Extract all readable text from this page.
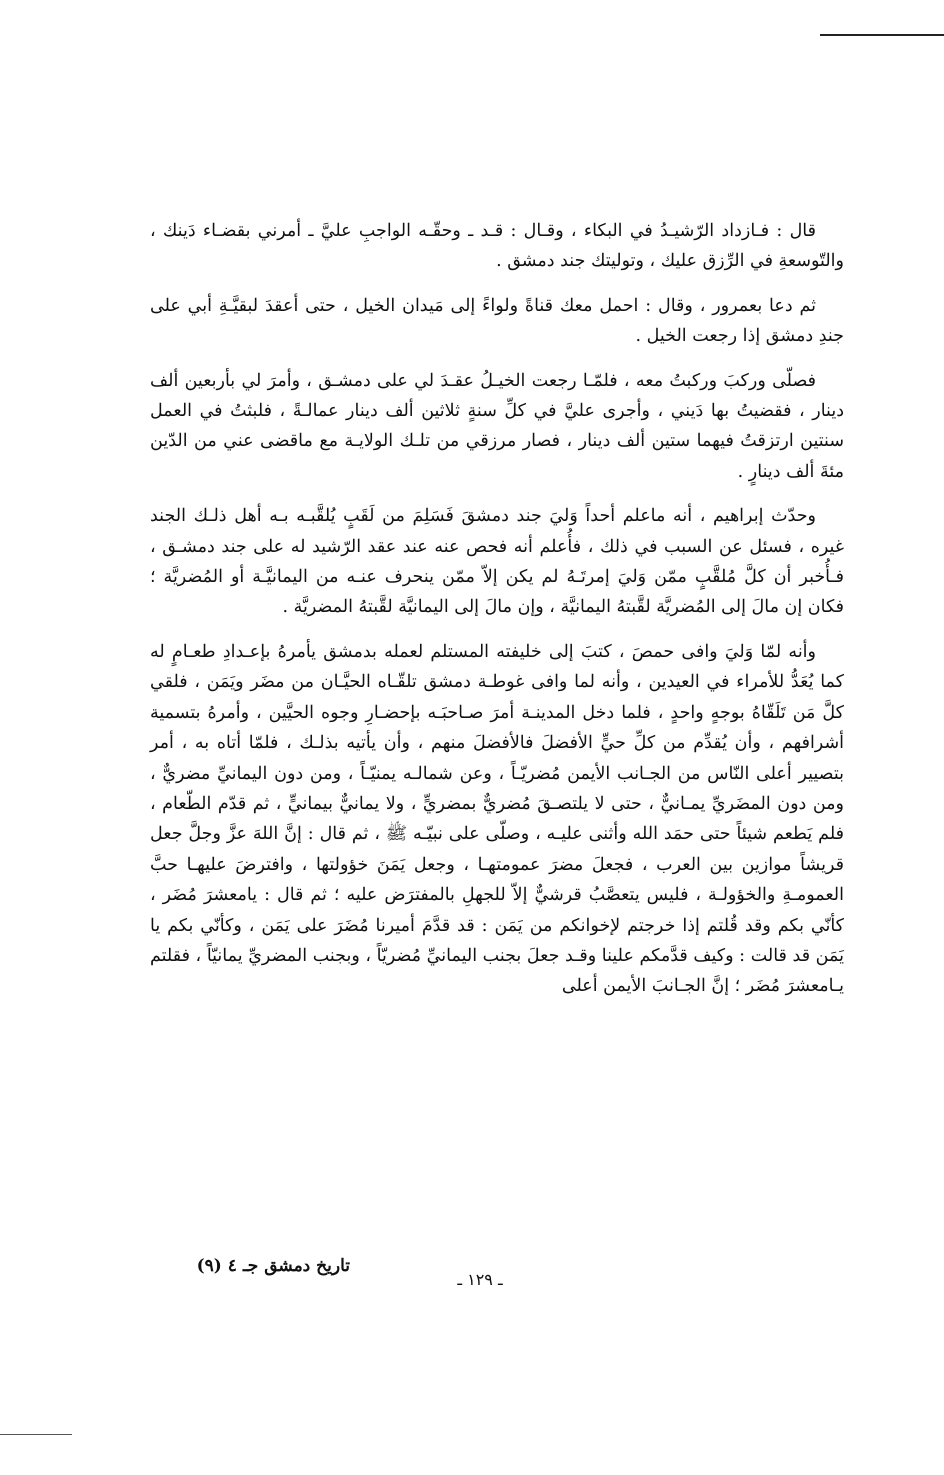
قال : فـازداد الرّشيـدُ في البكاء ، وقـال : قـد ـ وحقّـه الواجبِ عليَّ ـ أمرني بقضـاء دَينك ، والتّوسعةِ في الرِّزق عليك ، وتوليتك جند دمشق .

ثم دعا بعمرور ، وقال : احمل معك قناةً ولواءً إلى مَيدان الخيل ، حتى أعقدَ لبقيَّـةِ أبي على جندِ دمشق إذا رجعت الخيل .

فصلّى وركبَ وركبتُ معه ، فلمّـا رجعت الخيـلُ عقـدَ لي على دمشـق ، وأمرَ لي بأربعين ألف دينار ، فقضيتُ بها دَيني ، وأجرى عليَّ في كلِّ سنةٍ ثلاثين ألف دينار عمالـةً ، فلبثتُ في العمل سنتين ارتزقتُ فيهما ستين ألف دينار ، فصار مرزقي من تلـك الولايـة مع ماقضى عني من الدّين مئةَ ألف دينارٍ .

وحدّث إبراهيم ، أنه ماعلم أحداً وَليَ جند دمشقَ فَسَلِمَ من لَقَبٍ يُلقَّبـه بـه أهل ذلـك الجند غيره ، فسئل عن السبب في ذلك ، فأُعلم أنه فحص عنه عند عقد الرّشيد له على جند دمشـق ، فـأُخبر أن كلَّ مُلقَّبٍ ممّن وَليَ إمرتَـهُ لم يكن إلاّ ممّن ينحرف عنـه من اليمانيَّـة أو المُضريَّة ؛ فكان إن مالَ إلى المُضريَّة لقَّبتهُ اليمانيَّة ، وإن مالَ إلى اليمانيَّة لقَّبتهُ المضريَّة .

وأنه لمّا وَليَ وافى حمصَ ، كتبَ إلى خليفته المستلم لعمله بدمشق يأمرهُ بإعـدادِ طعـامٍ له كما يُعَدُّ للأمراء في العيدين ، وأنه لما وافى غوطـة دمشق تلقّـاه الحيَّـان من مضَر ويَمَن ، فلقي كلَّ مَن تَلَقّاهُ بوجهٍ واحدٍ ، فلما دخل المدينـة أمرَ صـاحبَـه بإحضـارِ وجوه الحيَّين ، وأمرهُ بتسمية أشرافهم ، وأن يُقدِّم من كلِّ حيٍّ الأفضلَ فالأفضلَ منهم ، وأن يأتيه بذلـك ، فلمّا أتاه به ، أمر بتصيير أعلى النّاس من الجـانب الأيمن مُضريّـاً ، وعن شمالـه يمنيّـاً ، ومن دون اليمانيِّ مضريٌّ ، ومن دون المضَريِّ يمـانيٌّ ، حتى لا يلتصـقَ مُضريٌّ بمضريٍّ ، ولا يمانيٌّ بيمانيٍّ ، ثم قدّم الطّعام ، فلم يَطعم شيئاً حتى حمَد الله وأثنى عليـه ، وصلّى على نبيّـه ﷺ ، ثم قال : إنَّ اللهَ عزَّ وجلَّ جعل قريشاً موازين بين العرب ، فجعلَ مضرَ عمومتهـا ، وجعل يَمَنَ خؤولتها ، وافترضَ عليهـا حبَّ العمومـةِ والخؤولـة ، فليس يتعصَّبُ قرشيٌّ إلاّ للجهلِ بالمفترَض عليه ؛ ثم قال : يامعشرَ مُضَر ، كأنّي بكم وقد قُلتم إذا خرجتم لإخوانكم من يَمَن : قد قدَّمَ أميرنا مُضَرَ على يَمَن ، وكأنّي بكم يا يَمَن قد قالت : وكيف قدَّمكم علينا وقـد جعلَ بجنب اليمانيِّ مُضريّاً ، وبجنب المضريِّ يمانيّاً ، فقلتم يـامعشرَ مُضَر ؛ إنَّ الجـانبَ الأيمن أعلى

تاريخ دمشق جـ ٤ (٩)
ـ ١٢٩ ـ
